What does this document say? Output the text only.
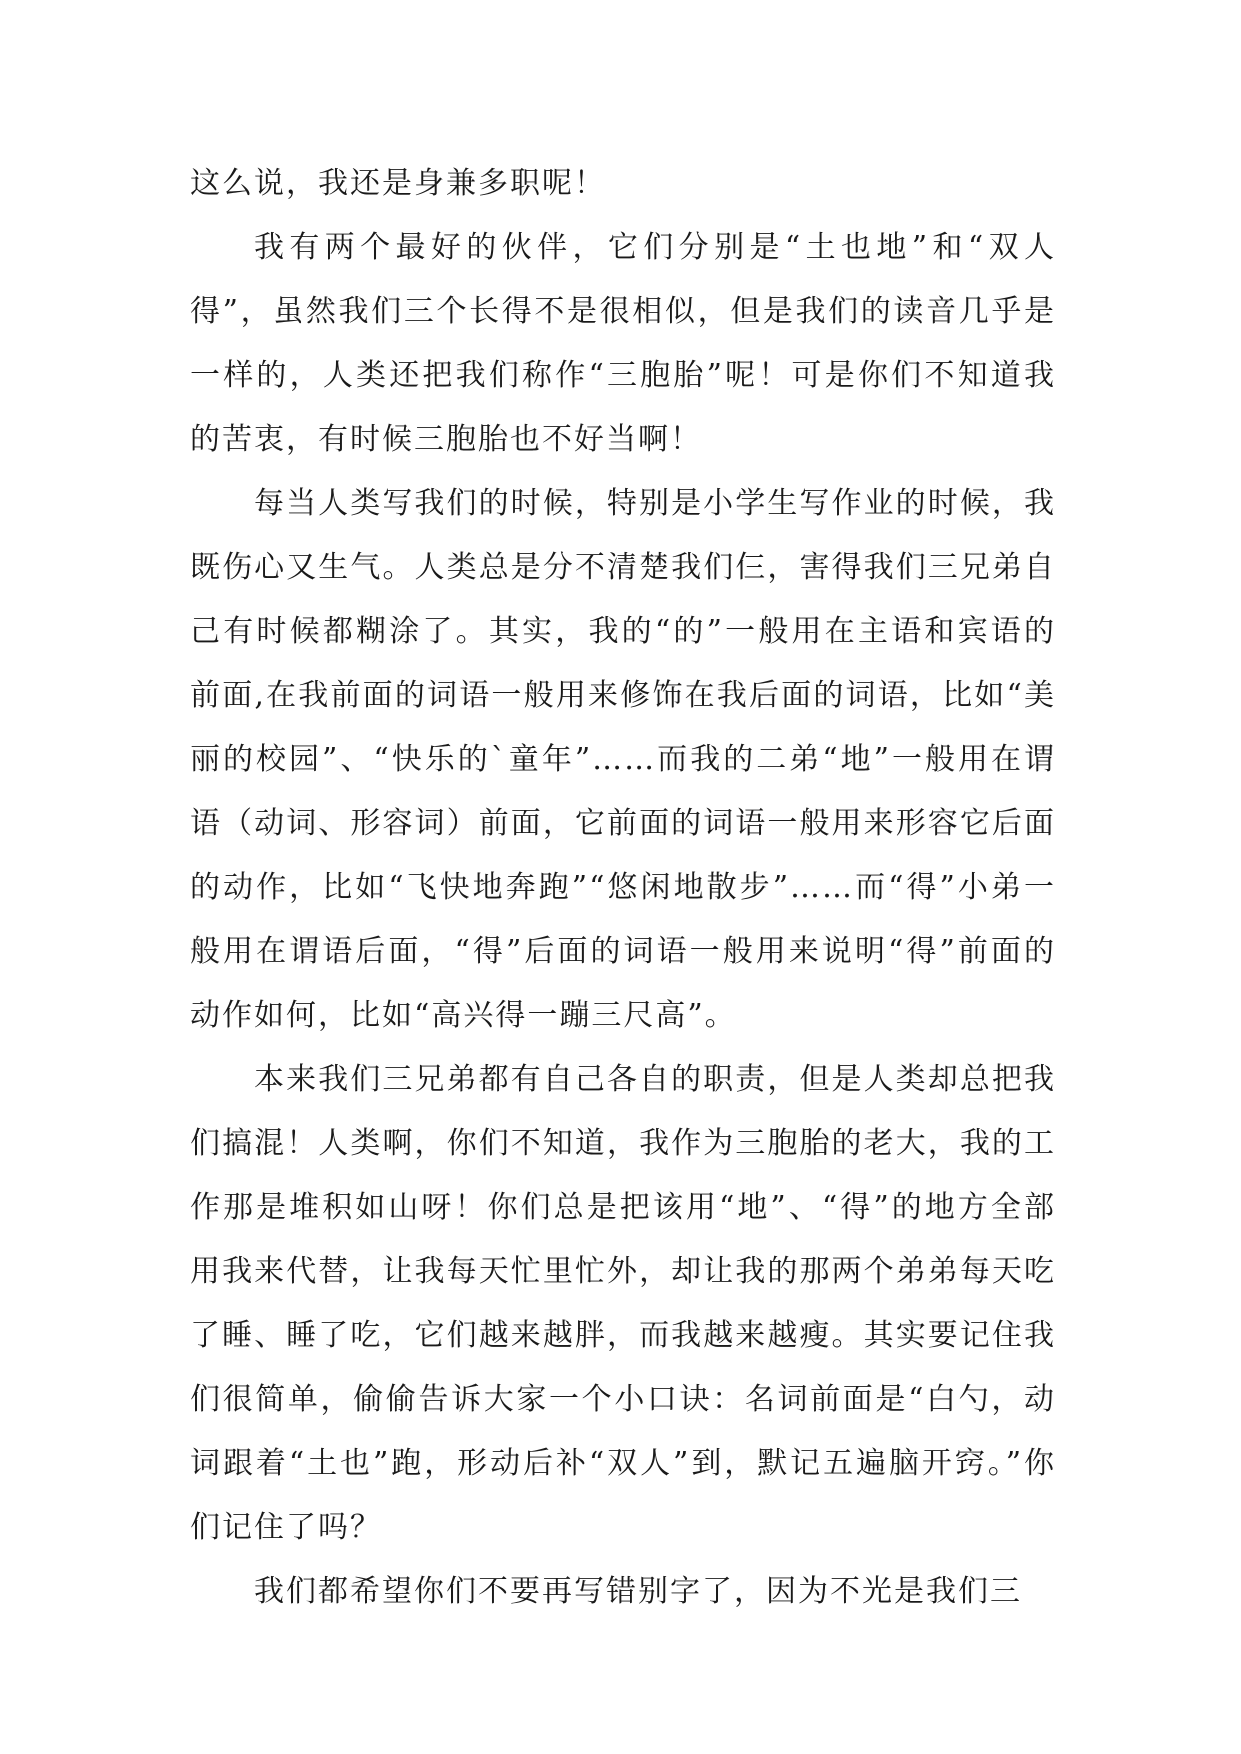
这么说，我还是身兼多职呢！

我有两个最好的伙伴，它们分别是“土也地”和“双人得”，虽然我们三个长得不是很相似，但是我们的读音几乎是一样的，人类还把我们称作“三胞胎”呢！可是你们不知道我的苦衷，有时候三胞胎也不好当啊！

每当人类写我们的时候，特别是小学生写作业的时候，我既伤心又生气。人类总是分不清楚我们仨，害得我们三兄弟自己有时候都糊涂了。其实，我的“的”一般用在主语和宾语的前面,在我前面的词语一般用来修饰在我后面的词语，比如“美丽的校园”、“快乐的`童年”……而我的二弟“地”一般用在谓语（动词、形容词）前面，它前面的词语一般用来形容它后面的动作，比如“飞快地奔跑”“悠闲地散步”……而“得”小弟一般用在谓语后面，“得”后面的词语一般用来说明“得”前面的动作如何，比如“高兴得一蹦三尺高”。

本来我们三兄弟都有自己各自的职责，但是人类却总把我们搞混！人类啊，你们不知道，我作为三胞胎的老大，我的工作那是堆积如山呀！你们总是把该用“地”、“得”的地方全部用我来代替，让我每天忙里忙外，却让我的那两个弟弟每天吃了睡、睡了吃，它们越来越胖，而我越来越瘦。其实要记住我们很简单，偷偷告诉大家一个小口诀：名词前面是“白勺，动词跟着“土也”跑，形动后补“双人”到，默记五遍脑开窍。”你们记住了吗？

我们都希望你们不要再写错别字了，因为不光是我们三
